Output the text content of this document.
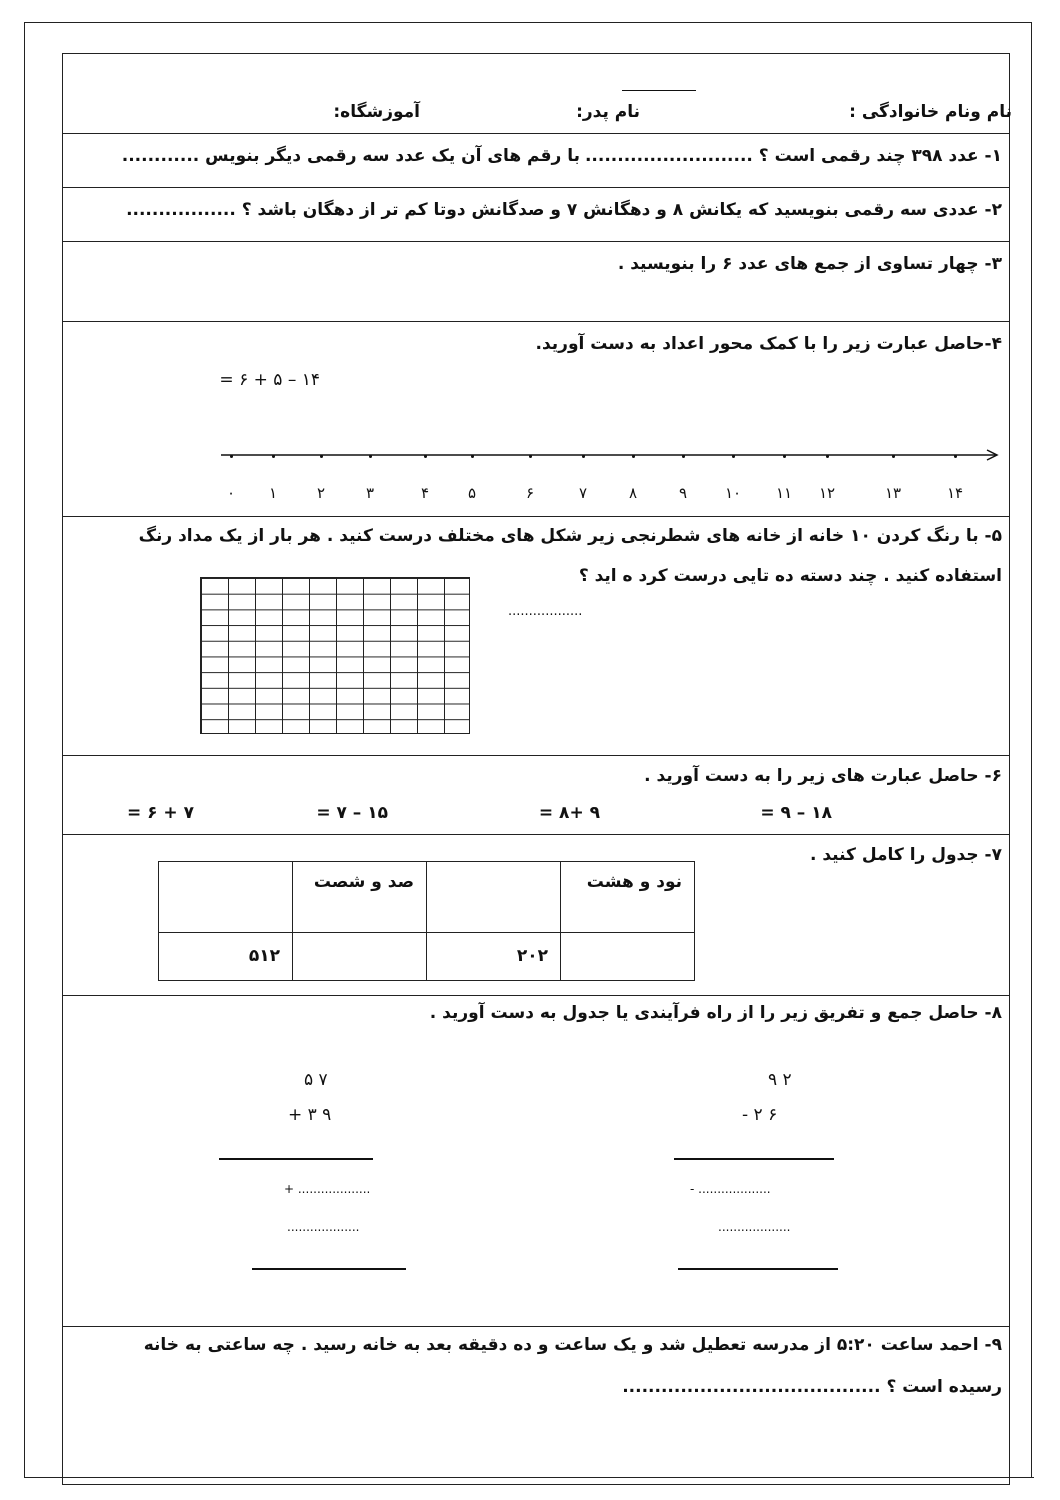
نام ونام خانوادگی :
نام پدر:
آموزشگاه:
۱- عدد ۳۹۸ چند رقمی است ؟ ..........................
با رقم های آن یک عدد سه رقمی دیگر بنویس ............
۲- عددی سه رقمی بنویسید که یکانش ۸ و دهگانش ۷ و صدگانش دوتا کم تر از دهگان باشد ؟ .................
۳- چهار تساوی از جمع های عدد ۶ را بنویسید .
۴-حاصل عبارت زیر را با کمک محور اعداد به دست آورید.
۱۴ – ۵ + ۶ =
۰	۱	۲	۳	۴	۵	۶	۷	۸	۹	۱۰	۱۱	۱۲	۱۳	۱۴
۵- با رنگ کردن ۱۰ خانه از خانه های شطرنجی زیر شکل های مختلف درست کنید . هر بار از یک مداد رنگ
استفاده کنید . چند دسته ده تایی درست کرد ه اید ؟
..................
۶- حاصل عبارت های زیر را به دست آورید .
۱۸ – ۹ =
۹ +۸ =
۱۵ – ۷ =
۷ + ۶ =
۷- جدول را کامل کنید .
نود و هشت		صد و شصت	
	۲۰۲		۵۱۲
۸- حاصل جمع و تفریق زیر را از راه فرآیندی یا جدول به دست آورید .
۵ ۷
+ ۳ ۹
+ ...................
...................
۹ ۲
- ۲ ۶
- ...................
...................
۹- احمد ساعت ۵:۲۰ از مدرسه تعطیل شد و یک ساعت و ده دقیقه بعد به خانه رسید . چه ساعتی به خانه
رسیده است ؟ ........................................
